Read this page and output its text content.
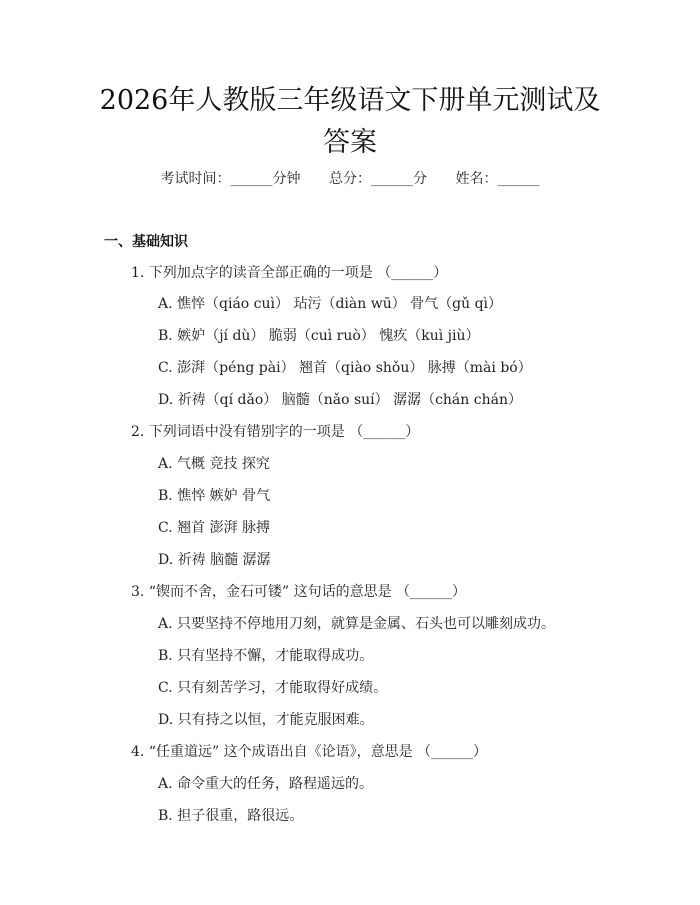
2026年人教版三年级语文下册单元测试及答案
考试时间：______分钟 总分：______分 姓名：______
一、基础知识
1. 下列加点字的读音全部正确的一项是 （______）
A. 憔悴（qiáo cuì） 玷污（diàn wū） 骨气（gǔ qì）
B. 嫉妒（jí dù） 脆弱（cuì ruò） 愧疚（kuì jiù）
C. 澎湃（péng pài） 翘首（qiào shǒu） 脉搏（mài bó）
D. 祈祷（qí dǎo） 脑髓（nǎo suí） 潺潺（chán chán）
2. 下列词语中没有错别字的一项是 （______）
A. 气概 竞技 探究
B. 憔悴 嫉妒 骨气
C. 翘首 澎湃 脉搏
D. 祈祷 脑髓 潺潺
3. “锲而不舍，金石可镂” 这句话的意思是 （______）
A. 只要坚持不停地用刀刻，就算是金属、石头也可以雕刻成功。
B. 只有坚持不懈，才能取得成功。
C. 只有刻苦学习，才能取得好成绩。
D. 只有持之以恒，才能克服困难。
4. “任重道远” 这个成语出自《论语》，意思是 （______）
A. 命令重大的任务，路程遥远的。
B. 担子很重，路很远。
